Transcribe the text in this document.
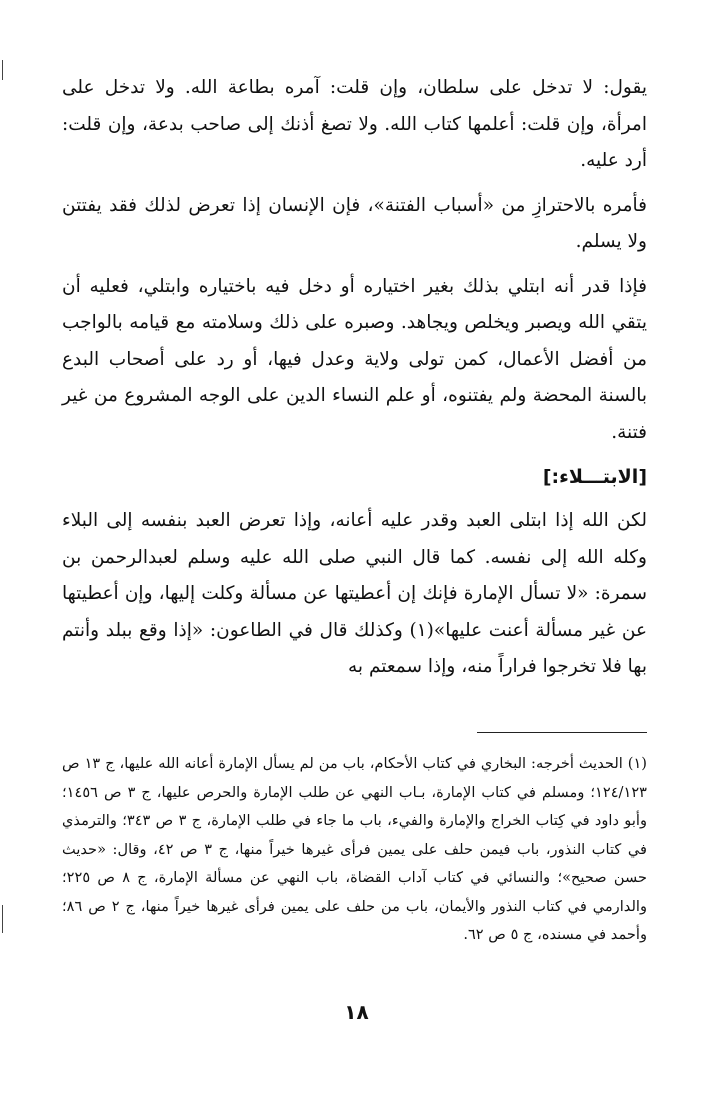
يقول: لا تدخل على سلطان، وإن قلت: آمره بطاعة الله. ولا تدخل على امرأة، وإن قلت: أعلمها كتاب الله. ولا تصغ أذنك إلى صاحب بدعة، وإن قلت: أرد عليه.

فأمره بالاحترازِ من «أسباب الفتنة»، فإن الإنسان إذا تعرض لذلك فقد يفتتن ولا يسلم.

فإذا قدر أنه ابتلي بذلك بغير اختياره أو دخل فيه باختياره وابتلي، فعليه أن يتقي الله ويصبر ويخلص ويجاهد. وصبره على ذلك وسلامته مع قيامه بالواجب من أفضل الأعمال، كمن تولى ولاية وعدل فيها، أو رد على أصحاب البدع بالسنة المحضة ولم يفتنوه، أو علم النساء الدين على الوجه المشروع من غير فتنة.

[الابتـــلاء:]

لكن الله إذا ابتلى العبد وقدر عليه أعانه، وإذا تعرض العبد بنفسه إلى البلاء وكله الله إلى نفسه. كما قال النبي صلى الله عليه وسلم لعبدالرحمن بن سمرة: «لا تسأل الإمارة فإنك إن أعطيتها عن مسألة وكلت إليها، وإن أعطيتها عن غير مسألة أعنت عليها»(١) وكذلك قال في الطاعون: «إذا وقع ببلد وأنتم بها فلا تخرجوا فراراً منه، وإذا سمعتم به

(١) الحديث أخرجه: البخاري في كتاب الأحكام، باب من لم يسأل الإمارة أعانه الله عليها، ج ١٣ ص ١٢٤/١٢٣؛ ومسلم في كتاب الإمارة، بـاب النهي عن طلب الإمارة والحرص عليها، ج ٣ ص ١٤٥٦؛ وأبو داود في كِتاب الخراج والإمارة والفيء، باب ما جاء في طلب الإمارة، ج ٣ ص ٣٤٣؛ والترمذي في كتاب النذور، باب فيمن حلف على يمين فرأى غيرها خيراً منها، ج ٣ ص ٤٢، وقال: «حديث حسن صحيح»؛ والنسائي في كتاب آداب القضاة، باب النهي عن مسألة الإمارة، ج ٨ ص ٢٢٥؛ والدارمي في كتاب النذور والأيمان، باب من حلف على يمين فرأى غيرها خيراً منها، ج ٢ ص ٨٦؛ وأحمد في مسنده، ج ٥ ص ٦٢.
١٨
